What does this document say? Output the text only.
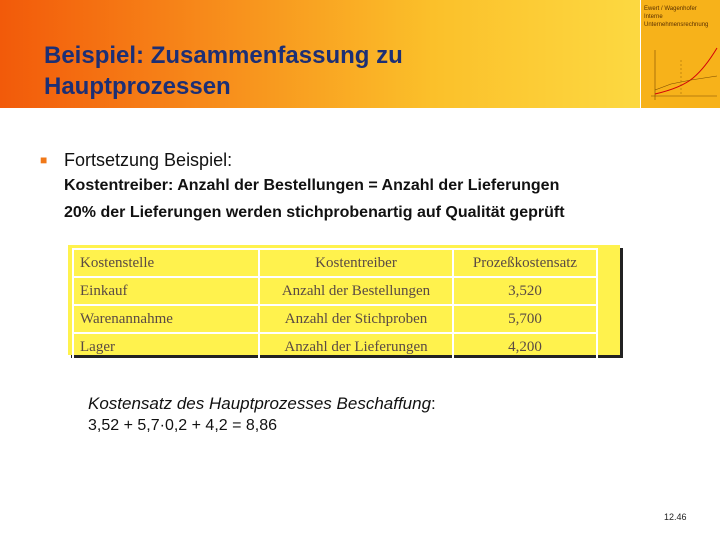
Beispiel: Zusammenfassung zu
Hauptprozessen
Ewert / Wagenhofer
Interne
Unternehmensrechnung
■ Fortsetzung Beispiel:
Kostentreiber: Anzahl der Bestellungen = Anzahl der Lieferungen
20% der Lieferungen werden stichprobenartig auf Qualität geprüft
Kostenstelle	Kostentreiber	Prozeßkostensatz
Einkauf	Anzahl der Bestellungen	3,520
Warenannahme	Anzahl der Stichproben	5,700
Lager	Anzahl der Lieferungen	4,200
Kostensatz des Hauptprozesses Beschaffung:
3,52 + 5,7·0,2 + 4,2 = 8,86
12.46
